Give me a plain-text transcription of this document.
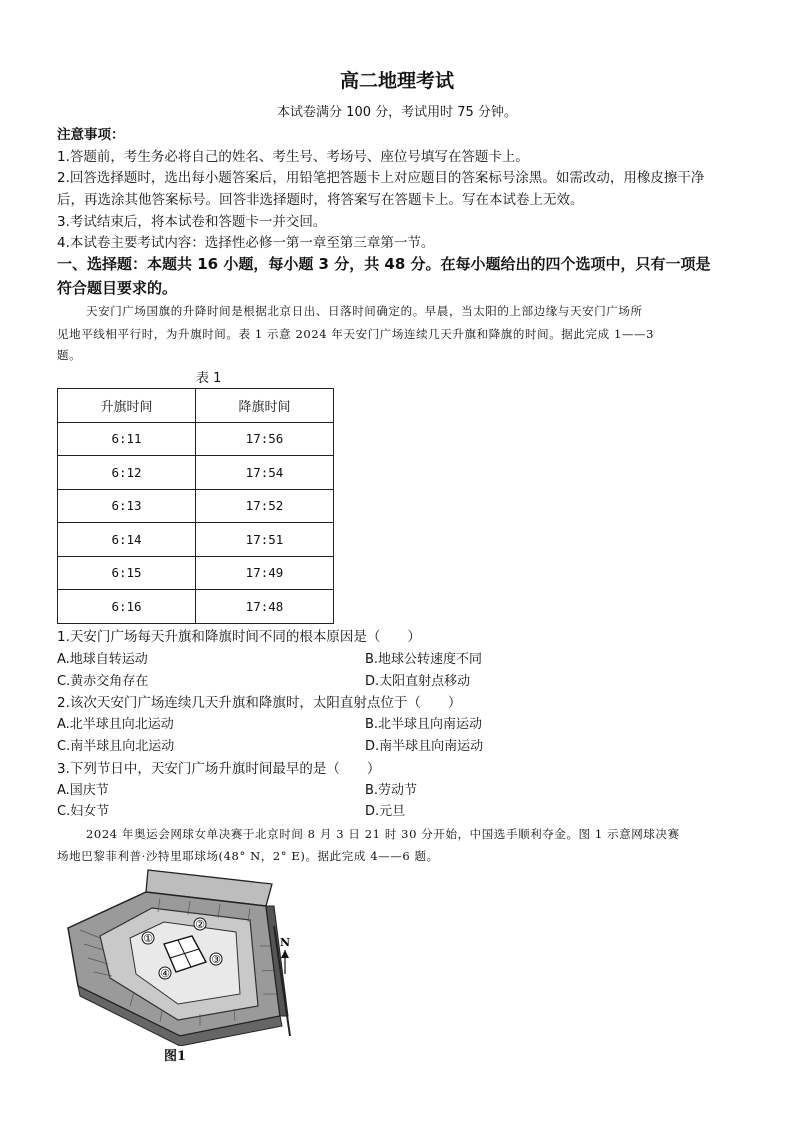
高二地理考试
本试卷满分 100 分，考试用时 75 分钟。
注意事项：
1.答题前，考生务必将自己的姓名、考生号、考场号、座位号填写在答题卡上。
2.回答选择题时，选出每小题答案后，用铅笔把答题卡上对应题目的答案标号涂黑。如需改动，用橡皮擦干净
后，再选涂其他答案标号。回答非选择题时，将答案写在答题卡上。写在本试卷上无效。
3.考试结束后，将本试卷和答题卡一并交回。
4.本试卷主要考试内容：选择性必修一第一章至第三章第一节。
一、选择题：本题共 16 小题，每小题 3 分，共 48 分。在每小题给出的四个选项中，只有一项是
符合题目要求的。
天安门广场国旗的升降时间是根据北京日出、日落时间确定的。早晨，当太阳的上部边缘与天安门广场所
见地平线相平行时，为升旗时间。表 1 示意 2024 年天安门广场连续几天升旗和降旗的时间。据此完成 1——3
题。
表 1
升旗时间	降旗时间
6:11	17:56
6:12	17:54
6:13	17:52
6:14	17:51
6:15	17:49
6:16	17:48
1.天安门广场每天升旗和降旗时间不同的根本原因是（　　）
A.地球自转运动	B.地球公转速度不同
C.黄赤交角存在	D.太阳直射点移动
2.该次天安门广场连续几天升旗和降旗时，太阳直射点位于（　　）
A.北半球且向北运动	B.北半球且向南运动
C.南半球且向北运动	D.南半球且向南运动
3.下列节日中，天安门广场升旗时间最早的是（　　）
A.国庆节	B.劳动节
C.妇女节	D.元旦
2024 年奥运会网球女单决赛于北京时间 8 月 3 日 21 时 30 分开始，中国选手顺利夺金。图 1 示意网球决赛
场地巴黎菲利普·沙特里耶球场(48° N，2° E)。据此完成 4——6 题。
②
①
③
④
N
图1
